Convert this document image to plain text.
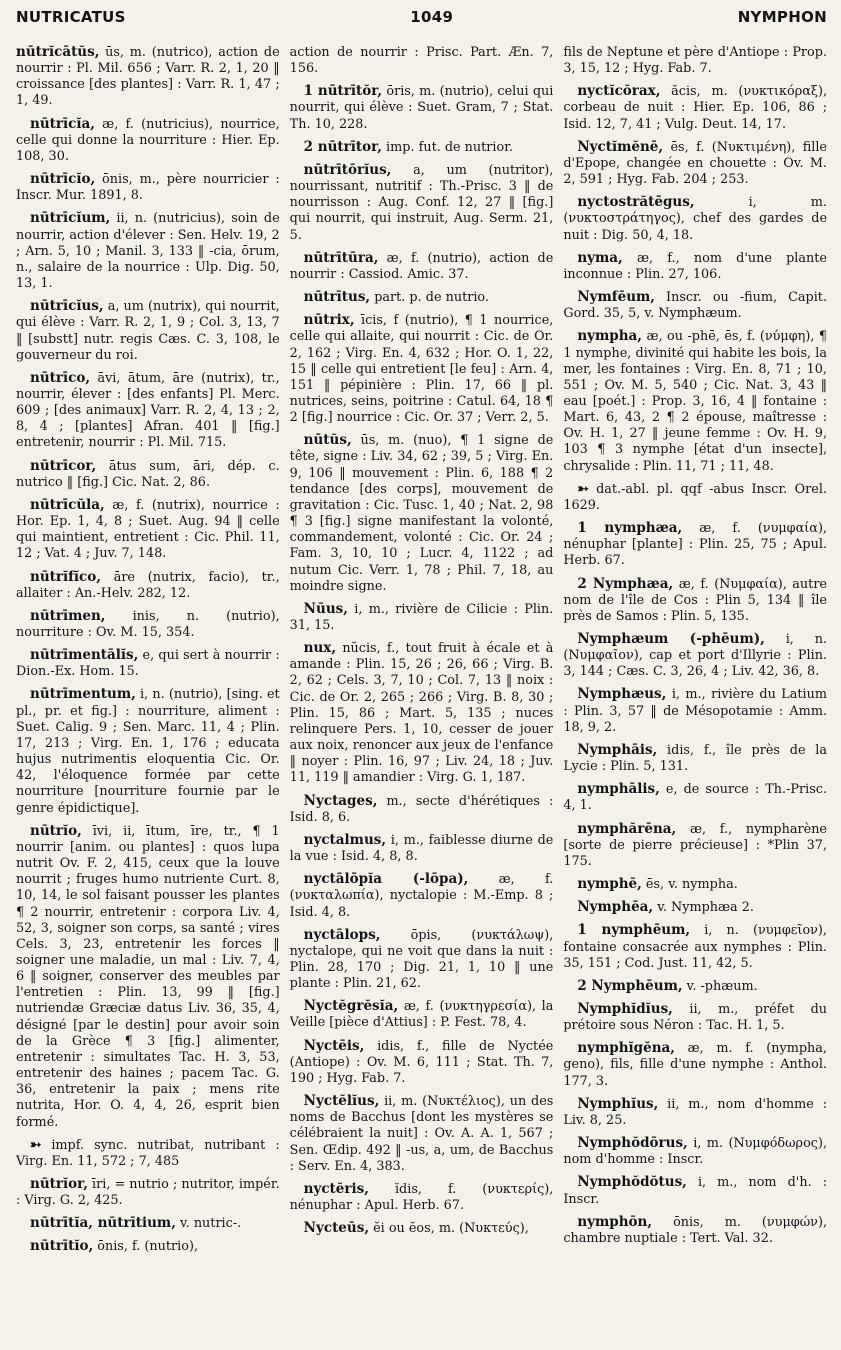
NUTRICATUS	1049	NYMPHON

nūtrĭcātŭs, ūs, m. (nutrico), action de nourrir : Pl. Mil. 656 ; Varr. R. 2, 1, 20 ‖ croissance [des plantes] : Varr. R. 1, 47 ; 1, 49.

nūtrīcĭa, æ, f. (nutricius), nourrice, celle qui donne la nourriture : Hier. Ep. 108, 30.

nūtrīcĭo, ōnis, m., père nourricier : Inscr. Mur. 1891, 8.

nūtrīcĭum, ii, n. (nutricius), soin de nourrir, action d'élever : Sen. Helv. 19, 2 ; Arn. 5, 10 ; Manil. 3, 133 ‖ -cia, ōrum, n., salaire de la nourrice : Ulp. Dig. 50, 13, 1.

nūtrīcĭus, a, um (nutrix), qui nourrit, qui élève : Varr. R. 2, 1, 9 ; Col. 3, 13, 7 ‖ [substt] nutr. regis Cæs. C. 3, 108, le gouverneur du roi.

nūtrīco, āvi, ātum, āre (nutrix), tr., nourrir, élever : [des enfants] Pl. Merc. 609 ; [des animaux] Varr. R. 2, 4, 13 ; 2, 8, 4 ; [plantes] Afran. 401 ‖ [fig.] entretenir, nourrir : Pl. Mil. 715.

nūtrīcor, ātus sum, āri, dép. c. nutrico ‖ [fig.] Cic. Nat. 2, 86.

nūtrīcŭla, æ, f. (nutrix), nourrice : Hor. Ep. 1, 4, 8 ; Suet. Aug. 94 ‖ celle qui maintient, entretient : Cic. Phil. 11, 12 ; Vat. 4 ; Juv. 7, 148.

nūtrĭfĭco, āre (nutrix, facio), tr., allaiter : An.-Helv. 282, 12.

nūtrīmen, inis, n. (nutrio), nourriture : Ov. M. 15, 354.

nūtrīmentālĭs, e, qui sert à nourrir : Dion.-Ex. Hom. 15.

nūtrīmentum, i, n. (nutrio), [sing. et pl., pr. et fig.] : nourriture, aliment : Suet. Calig. 9 ; Sen. Marc. 11, 4 ; Plin. 17, 213 ; Virg. En. 1, 176 ; educata hujus nutrimentis eloquentia Cic. Or. 42, l'éloquence formée par cette nourriture [nourriture fournie par le genre épidictique].

nūtrĭo, īvi, ii, ītum, īre, tr., ¶ 1 nourrir [anim. ou plantes] : quos lupa nutrit Ov. F. 2, 415, ceux que la louve nourrit ; fruges humo nutriente Curt. 8, 10, 14, le sol faisant pousser les plantes ¶ 2 nourrir, entretenir : corpora Liv. 4, 52, 3, soigner son corps, sa santé ; vires Cels. 3, 23, entretenir les forces ‖ soigner une maladie, un mal : Liv. 7, 4, 6 ‖ soigner, conserver des meubles par l'entretien : Plin. 13, 99 ‖ [fig.] nutriendæ Græciæ datus Liv. 36, 35, 4, désigné [par le destin] pour avoir soin de la Grèce ¶ 3 [fig.] alimenter, entretenir : simultates Tac. H. 3, 53, entretenir des haines ; pacem Tac. G. 36, entretenir la paix ; mens rite nutrita, Hor. O. 4, 4, 26, esprit bien formé.

➳ impf. sync. nutribat, nutribant : Virg. En. 11, 572 ; 7, 485

nūtrĭor, īri, = nutrio ; nutritor, impér. : Virg. G. 2, 425.

nūtrītĭa, nūtrītium, v. nutric-.

nūtrītĭo, ōnis, f. (nutrio),

action de nourrir : Prisc. Part. Æn. 7, 156.

1 nūtrītŏr, ōris, m. (nutrio), celui qui nourrit, qui élève : Suet. Gram, 7 ; Stat. Th. 10, 228.

2 nūtrītor, imp. fut. de nutrior.

nūtrītōrĭus, a, um (nutritor), nourrissant, nutritif : Th.-Prisc. 3 ‖ de nourrisson : Aug. Conf. 12, 27 ‖ [fig.] qui nourrit, qui instruit, Aug. Serm. 21, 5.

nūtrītūra, æ, f. (nutrio), action de nourrir : Cassiod. Amic. 37.

nūtrītus, part. p. de nutrio.

nūtrix, īcis, f (nutrio), ¶ 1 nourrice, celle qui allaite, qui nourrit : Cic. de Or. 2, 162 ; Virg. En. 4, 632 ; Hor. O. 1, 22, 15 ‖ celle qui entretient [le feu] : Arn. 4, 151 ‖ pépinière : Plin. 17, 66 ‖ pl. nutrices, seins, poitrine : Catul. 64, 18 ¶ 2 [fig.] nourrice : Cic. Or. 37 ; Verr. 2, 5.

nūtŭs, ūs, m. (nuo), ¶ 1 signe de tête, signe : Liv. 34, 62 ; 39, 5 ; Virg. En. 9, 106 ‖ mouvement : Plin. 6, 188 ¶ 2 tendance [des corps], mouvement de gravitation : Cic. Tusc. 1, 40 ; Nat. 2, 98 ¶ 3 [fig.] signe manifestant la volonté, commandement, volonté : Cic. Or. 24 ; Fam. 3, 10, 10 ; Lucr. 4, 1122 ; ad nutum Cic. Verr. 1, 78 ; Phil. 7, 18, au moindre signe.

Nūus, i, m., rivière de Cilicie : Plin. 31, 15.

nux, nŭcis, f., tout fruit à écale et à amande : Plin. 15, 26 ; 26, 66 ; Virg. B. 2, 62 ; Cels. 3, 7, 10 ; Col. 7, 13 ‖ noix : Cic. de Or. 2, 265 ; 266 ; Virg. B. 8, 30 ; Plin. 15, 86 ; Mart. 5, 135 ; nuces relinquere Pers. 1, 10, cesser de jouer aux noix, renoncer aux jeux de l'enfance ‖ noyer : Plin. 16, 97 ; Liv. 24, 18 ; Juv. 11, 119 ‖ amandier : Virg. G. 1, 187.

Nyctages, m., secte d'hérétiques : Isid. 8, 6.

nyctalmus, i, m., faiblesse diurne de la vue : Isid. 4, 8, 8.

nyctālōpĭa (-lōpa), æ, f. (νυκταλωπία), nyctalopie : M.-Emp. 8 ; Isid. 4, 8.

nyctālops, ōpis, (νυκτάλωψ), nyctalope, qui ne voit que dans la nuit : Plin. 28, 170 ; Dig. 21, 1, 10 ‖ une plante : Plin. 21, 62.

Nyctĕgrĕsĭa, æ, f. (νυκτηγρεσία), la Veille [pièce d'Attius] : P. Fest. 78, 4.

Nyctēis, idis, f., fille de Nyctée (Antiope) : Ov. M. 6, 111 ; Stat. Th. 7, 190 ; Hyg. Fab. 7.

Nyctĕlĭus, ii, m. (Νυκτέλιος), un des noms de Bacchus [dont les mystères se célébraient la nuit] : Ov. A. A. 1, 567 ; Sen. Œdip. 492 ‖ -us, a, um, de Bacchus : Serv. En. 4, 383.

nyctĕris, ĭdis, f. (νυκτερίς), nénuphar : Apul. Herb. 67.

Nycteūs, ĕi ou ĕos, m. (Νυκτεύς),

fils de Neptune et père d'Antiope : Prop. 3, 15, 12 ; Hyg. Fab. 7.

nyctĭcŏrax, ăcis, m. (νυκτικόραξ), corbeau de nuit : Hier. Ep. 106, 86 ; Isid. 12, 7, 41 ; Vulg. Deut. 14, 17.

Nyctĭmĕnē, ēs, f. (Νυκτιμένη), fille d'Epope, changée en chouette : Ov. M. 2, 591 ; Hyg. Fab. 204 ; 253.

nyctostrătēgus,	i, m. (νυκτοστράτηγος), chef des gardes de nuit : Dig. 50, 4, 18.

nyma, æ, f., nom d'une plante inconnue : Plin. 27, 106.

Nymfēum, Inscr. ou -fium, Capit. Gord. 35, 5, v. Nymphæum.

nympha, æ, ou -phē, ēs, f. (νύμφη), ¶ 1 nymphe, divinité qui habite les bois, la mer, les fontaines : Virg. En. 8, 71 ; 10, 551 ; Ov. M. 5, 540 ; Cic. Nat. 3, 43 ‖ eau [poét.] : Prop. 3, 16, 4 ‖ fontaine : Mart. 6, 43, 2 ¶ 2 épouse, maîtresse : Ov. H. 1, 27 ‖ jeune femme : Ov. H. 9, 103 ¶ 3 nymphe [état d'un insecte], chrysalide : Plin. 11, 71 ; 11, 48.

➳ dat.-abl. pl. qqf -abus Inscr. Orel. 1629.

1 nymphæa, æ, f. (νυμφαία), nénuphar [plante] : Plin. 25, 75 ; Apul. Herb. 67.

2 Nymphæa, æ, f. (Νυμφαία), autre nom de l'île de Cos : Plin 5, 134 ‖ île près de Samos : Plin. 5, 135.

Nymphæum (-phēum), i, n. (Νυμφαῖον), cap et port d'Illyrie : Plin. 3, 144 ; Cæs. C. 3, 26, 4 ; Liv. 42, 36, 8.

Nymphæus, i, m., rivière du Latium : Plin. 3, 57 ‖ de Mésopotamie : Amm. 18, 9, 2.

Nymphāis, idis, f., île près de la Lycie : Plin. 5, 131.

nymphālis, e, de source : Th.-Prisc. 4, 1.

nymphărēna, æ, f., nympharène [sorte de pierre précieuse] : *Plin 37, 175.

nymphē, ēs, v. nympha.

Nymphēa, v. Nymphæa 2.

1 nymphēum, i, n. (νυμφεῖον), fontaine consacrée aux nymphes : Plin. 35, 151 ; Cod. Just. 11, 42, 5.

2 Nymphēum, v. -phæum.

Nymphĭdĭus, ii, m., préfet du prétoire sous Néron : Tac. H. 1, 5.

nymphĭgĕna, æ, m. f. (nympha, geno), fils, fille d'une nymphe : Anthol. 177, 3.

Nymphĭus, ii, m., nom d'homme : Liv. 8, 25.

Nymphŏdōrus, i, m. (Νυμφόδωρος), nom d'homme : Inscr.

Nymphŏdŏtus, i, m., nom d'h. : Inscr.

nymphōn, ōnis, m. (νυμφών), chambre nuptiale : Tert. Val. 32.
